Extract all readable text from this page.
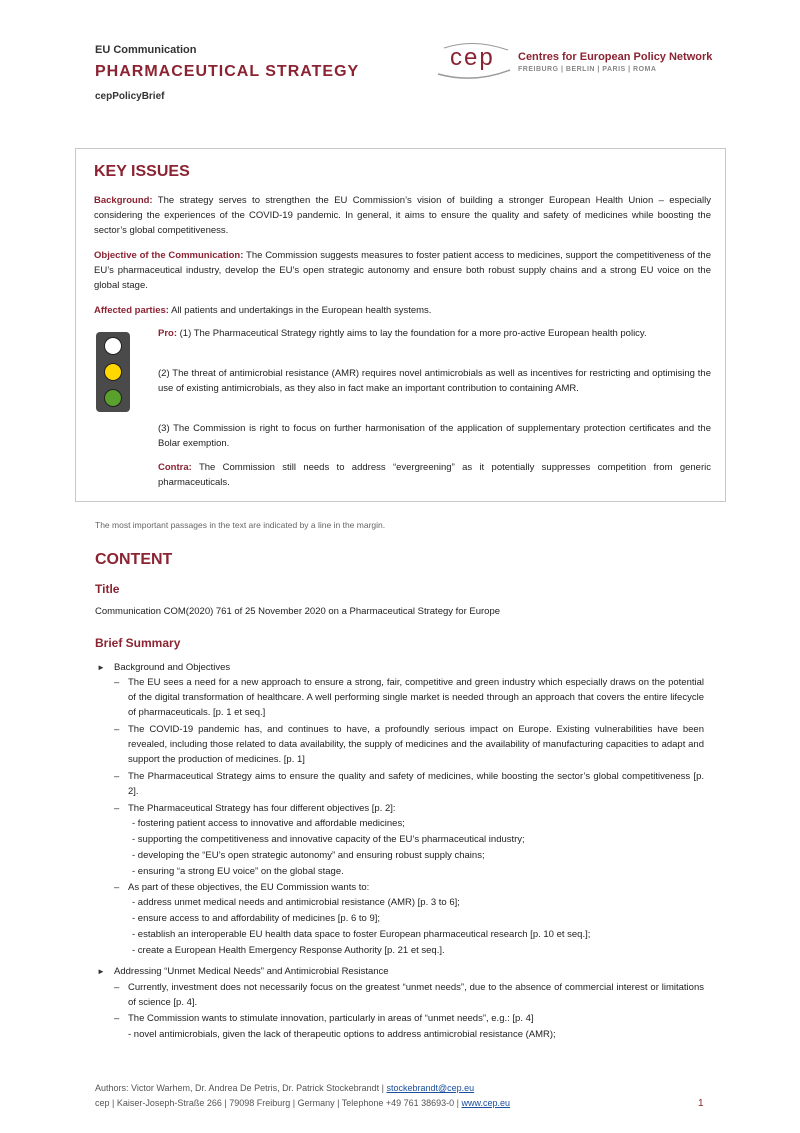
EU Communication
PHARMACEUTICAL STRATEGY
cepPolicyBrief
cep Centres for European Policy Network
FREIBURG | BERLIN | PARIS | ROMA
KEY ISSUES
Background: The strategy serves to strengthen the EU Commission’s vision of building a stronger European Health Union – especially considering the experiences of the COVID-19 pandemic. In general, it aims to ensure the quality and safety of medicines while boosting the sector’s global competitiveness.
Objective of the Communication: The Commission suggests measures to foster patient access to medicines, support the competitiveness of the EU’s pharmaceutical industry, develop the EU’s open strategic autonomy and ensure both robust supply chains and a strong EU voice on the global stage.
Affected parties: All patients and undertakings in the European health systems.
Pro: (1) The Pharmaceutical Strategy rightly aims to lay the foundation for a more pro-active European health policy.
(2) The threat of antimicrobial resistance (AMR) requires novel antimicrobials as well as incentives for restricting and optimising the use of existing antimicrobials, as they also in fact make an important contribution to containing AMR.
(3) The Commission is right to focus on further harmonisation of the application of supplementary protection certificates and the Bolar exemption.
Contra: The Commission still needs to address “evergreening” as it potentially suppresses competition from generic pharmaceuticals.
The most important passages in the text are indicated by a line in the margin.
CONTENT
Title
Communication COM(2020) 761 of 25 November 2020 on a Pharmaceutical Strategy for Europe
Brief Summary
► Background and Objectives
– The EU sees a need for a new approach to ensure a strong, fair, competitive and green industry which especially draws on the potential of the digital transformation of healthcare. A well performing single market is needed through an approach that covers the entire lifecycle of pharmaceuticals. [p. 1 et seq.]
– The COVID-19 pandemic has, and continues to have, a profoundly serious impact on Europe. Existing vulnerabilities have been revealed, including those related to data availability, the supply of medicines and the availability of manufacturing capacities to adapt and support the production of medicines. [p. 1]
– The Pharmaceutical Strategy aims to ensure the quality and safety of medicines, while boosting the sector’s global competitiveness [p. 2].
– The Pharmaceutical Strategy has four different objectives [p. 2]:
- fostering patient access to innovative and affordable medicines;
- supporting the competitiveness and innovative capacity of the EU’s pharmaceutical industry;
- developing the “EU’s open strategic autonomy” and ensuring robust supply chains;
- ensuring “a strong EU voice” on the global stage.
– As part of these objectives, the EU Commission wants to:
- address unmet medical needs and antimicrobial resistance (AMR) [p. 3 to 6];
- ensure access to and affordability of medicines [p. 6 to 9];
- establish an interoperable EU health data space to foster European pharmaceutical research [p. 10 et seq.];
- create a European Health Emergency Response Authority [p. 21 et seq.].
► Addressing “Unmet Medical Needs” and Antimicrobial Resistance
– Currently, investment does not necessarily focus on the greatest “unmet needs”, due to the absence of commercial interest or limitations of science [p. 4].
– The Commission wants to stimulate innovation, particularly in areas of “unmet needs”, e.g.: [p. 4]
- novel antimicrobials, given the lack of therapeutic options to address antimicrobial resistance (AMR);
Authors: Victor Warhem, Dr. Andrea De Petris, Dr. Patrick Stockebrandt | stockebrandt@cep.eu
cep | Kaiser-Joseph-Straße 266 | 79098 Freiburg | Germany | Telephone +49 761 38693-0 | www.cep.eu	1
